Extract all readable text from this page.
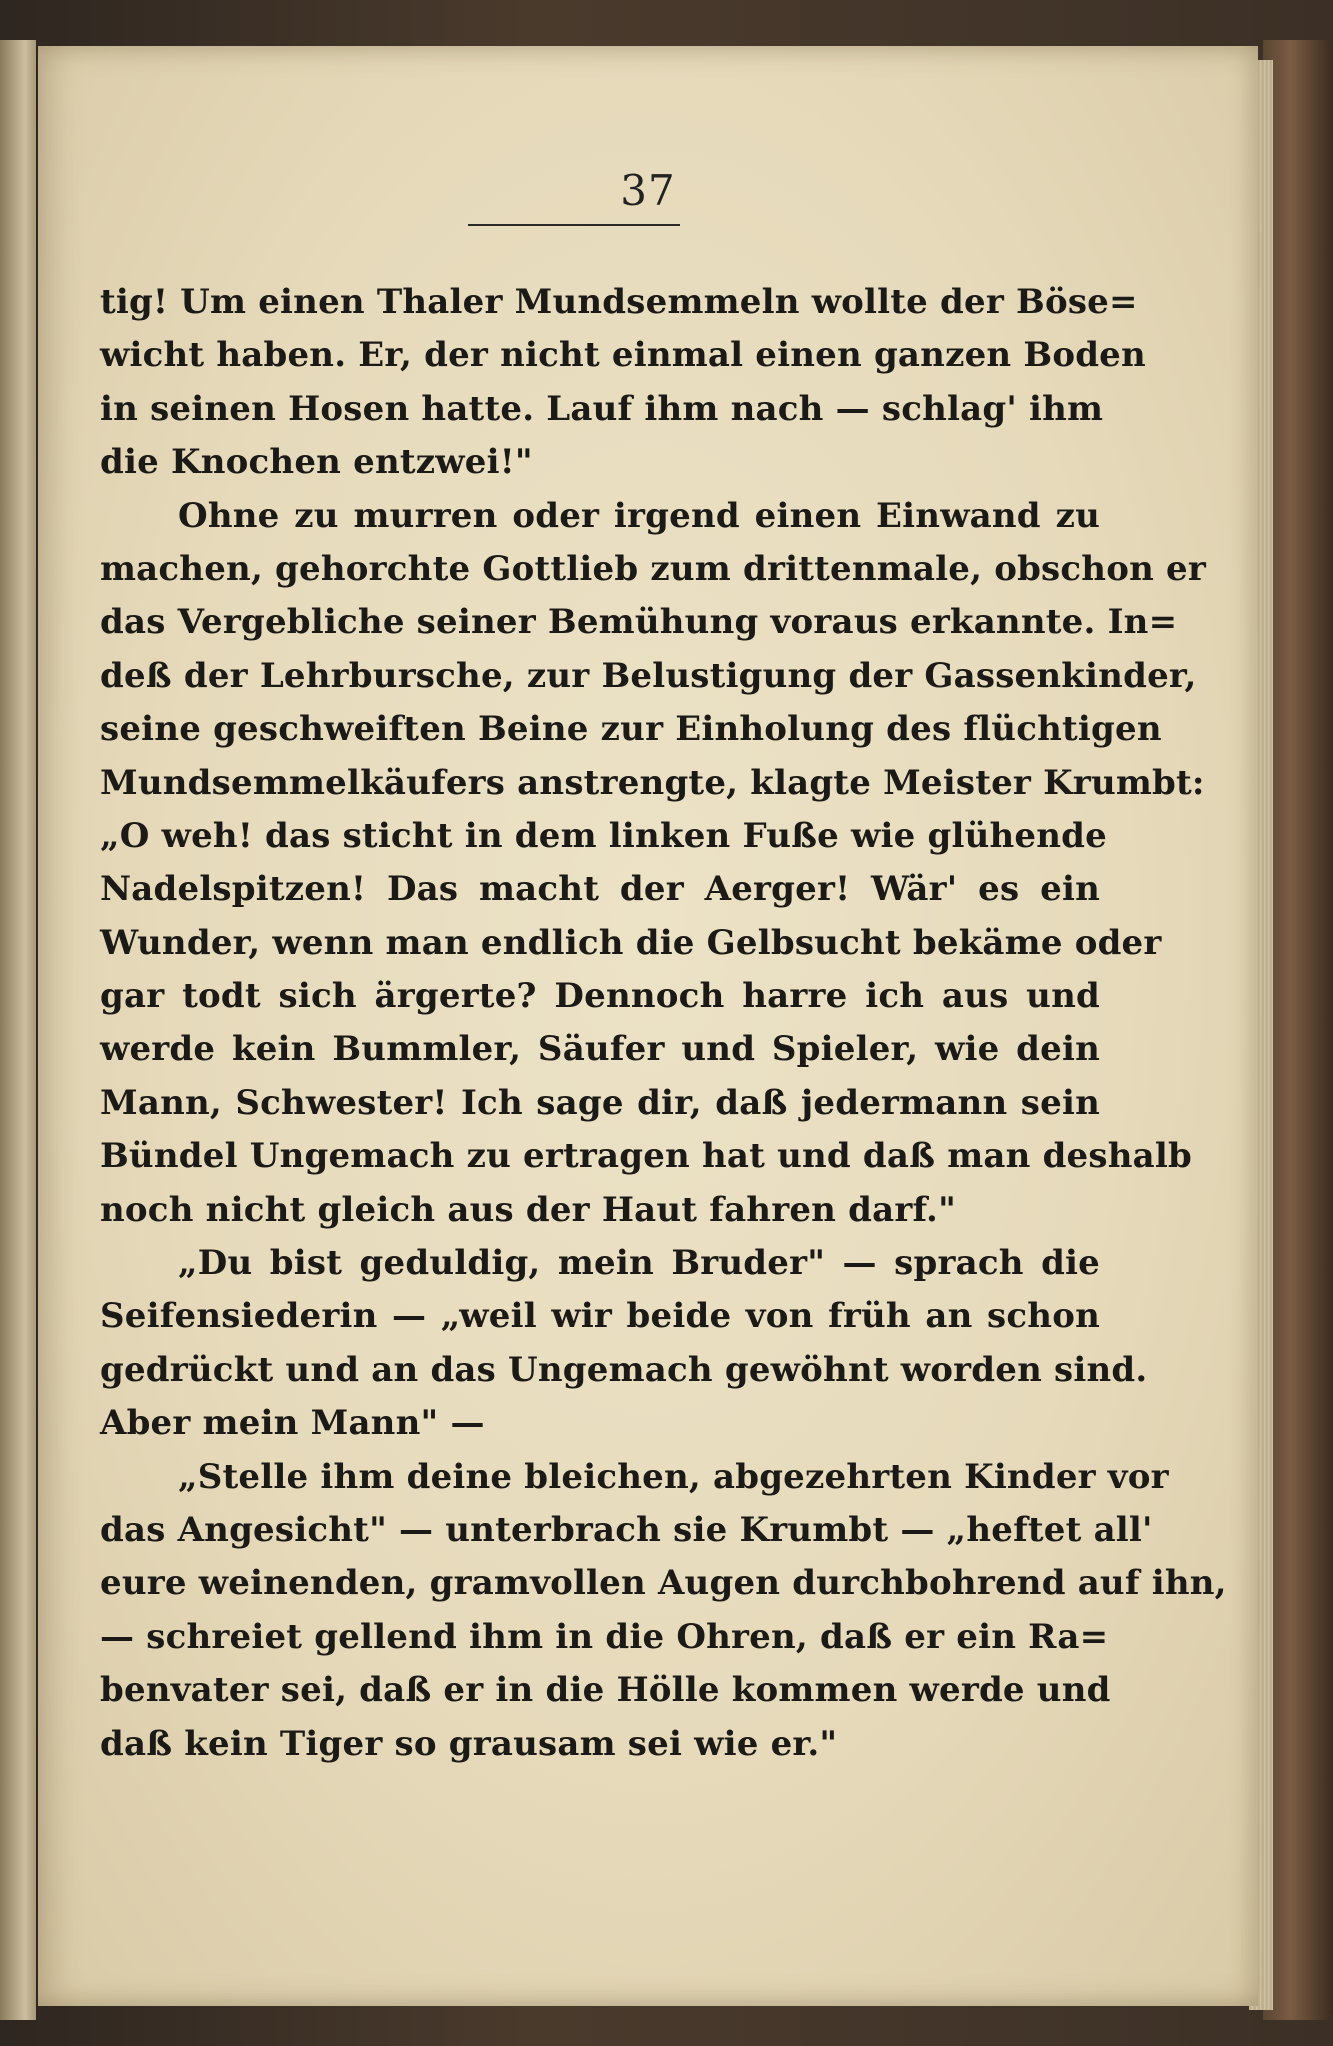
37
tig! Um einen Thaler Mundsemmeln wollte der Böse=
wicht haben. Er, der nicht einmal einen ganzen Boden
in seinen Hosen hatte. Lauf ihm nach — schlag' ihm
die Knochen entzwei!"
Ohne zu murren oder irgend einen Einwand zu
machen, gehorchte Gottlieb zum drittenmale, obschon er
das Vergebliche seiner Bemühung voraus erkannte. In=
deß der Lehrbursche, zur Belustigung der Gassenkinder,
seine geschweiften Beine zur Einholung des flüchtigen
Mundsemmelkäufers anstrengte, klagte Meister Krumbt:
„O weh! das sticht in dem linken Fuße wie glühende
Nadelspitzen! Das macht der Aerger! Wär' es ein
Wunder, wenn man endlich die Gelbsucht bekäme oder
gar todt sich ärgerte? Dennoch harre ich aus und
werde kein Bummler, Säufer und Spieler, wie dein
Mann, Schwester! Ich sage dir, daß jedermann sein
Bündel Ungemach zu ertragen hat und daß man deshalb
noch nicht gleich aus der Haut fahren darf."
„Du bist geduldig, mein Bruder" — sprach die
Seifensiederin — „weil wir beide von früh an schon
gedrückt und an das Ungemach gewöhnt worden sind.
Aber mein Mann" —
„Stelle ihm deine bleichen, abgezehrten Kinder vor
das Angesicht" — unterbrach sie Krumbt — „heftet all'
eure weinenden, gramvollen Augen durchbohrend auf ihn,
— schreiet gellend ihm in die Ohren, daß er ein Ra=
benvater sei, daß er in die Hölle kommen werde und
daß kein Tiger so grausam sei wie er."
